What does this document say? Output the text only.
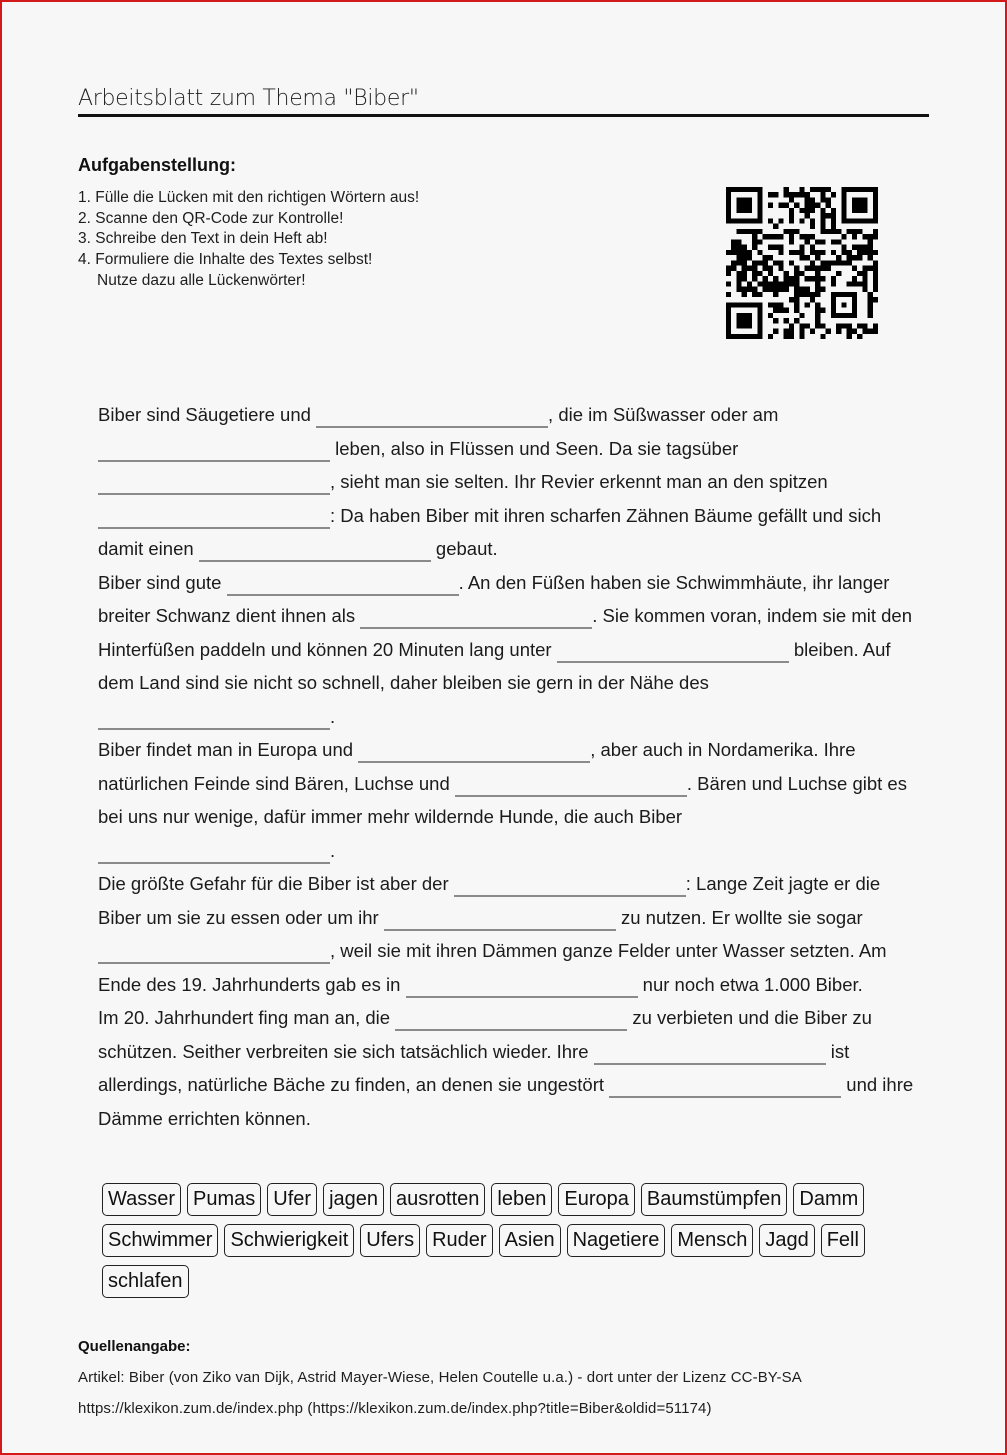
Arbeitsblatt zum Thema "Biber"
Aufgabenstellung:
1. Fülle die Lücken mit den richtigen Wörtern aus!
2. Scanne den QR-Code zur Kontrolle!
3. Schreibe den Text in dein Heft ab!
4. Formuliere die Inhalte des Textes selbst!
Nutze dazu alle Lückenwörter!

Biber sind Säugetiere und	, die im Süßwasser oder am  leben, also in Flüssen und Seen. Da sie tagsüber , sieht man sie selten. Ihr Revier erkennt man an den spitzen : Da haben Biber mit ihren scharfen Zähnen Bäume gefällt und sich damit einen	gebaut.

Biber sind gute	. An den Füßen haben sie Schwimmhäute, ihr langer breiter Schwanz dient ihnen als	. Sie kommen voran, indem sie mit den Hinterfüßen paddeln und können 20 Minuten lang unter	bleiben. Auf dem Land sind sie nicht so schnell, daher bleiben sie gern in der Nähe des .

Biber findet man in Europa und	, aber auch in Nordamerika. Ihre natürlichen Feinde sind Bären, Luchse und	. Bären und Luchse gibt es bei uns nur wenige, dafür immer mehr wildernde Hunde, die auch Biber .

Die größte Gefahr für die Biber ist aber der	: Lange Zeit jagte er die Biber um sie zu essen oder um ihr	zu nutzen. Er wollte sie sogar , weil sie mit ihren Dämmen ganze Felder unter Wasser setzten. Am Ende des 19. Jahrhunderts gab es in	nur noch etwa 1.000 Biber.

Im 20. Jahrhundert fing man an, die	zu verbieten und die Biber zu schützen. Seither verbreiten sie sich tatsächlich wieder. Ihre	ist allerdings, natürliche Bäche zu finden, an denen sie ungestört	und ihre Dämme errichten können.

Wasser Pumas Ufer jagen ausrotten leben Europa Baumstümpfen Damm
Schwimmer Schwierigkeit Ufers Ruder Asien Nagetiere Mensch Jagd Fell
schlafen
Quellenangabe:
Artikel: Biber (von Ziko van Dijk, Astrid Mayer-Wiese, Helen Coutelle u.a.) - dort unter der Lizenz CC-BY-SA
https://klexikon.zum.de/index.php (https://klexikon.zum.de/index.php?title=Biber&oldid=51174)
